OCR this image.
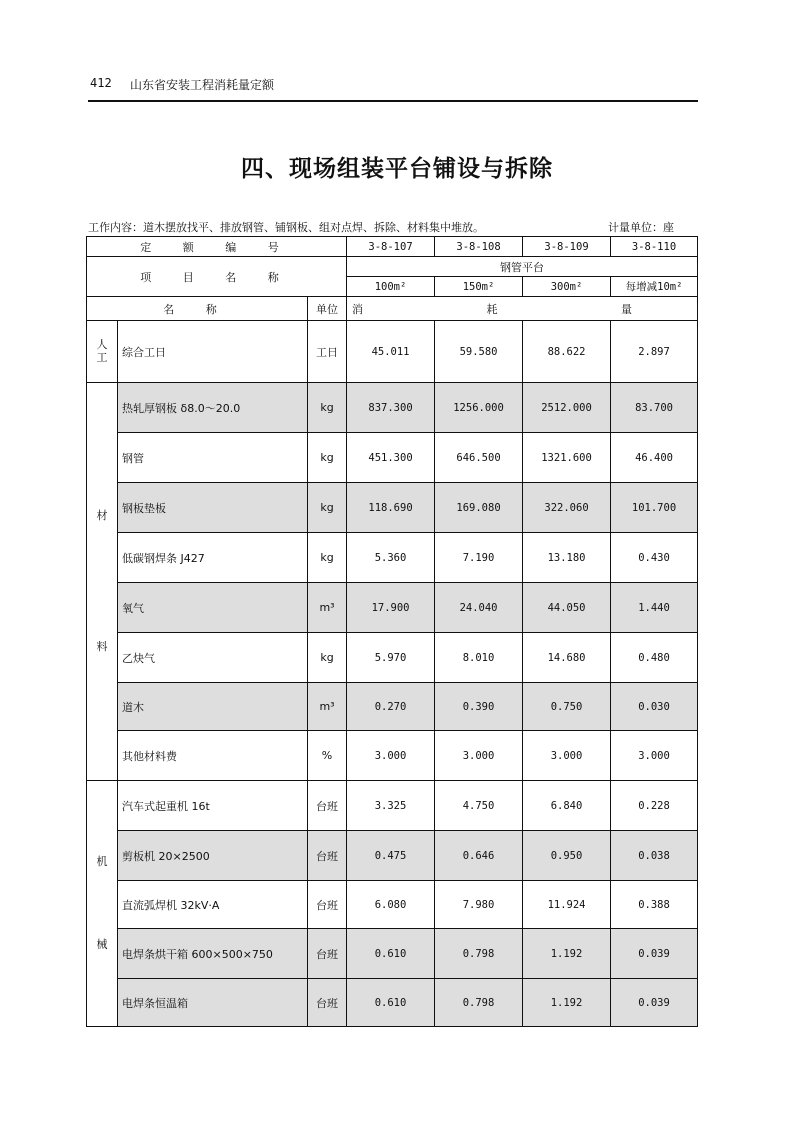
412 山东省安装工程消耗量定额
四、现场组装平台铺设与拆除
工作内容：道木摆放找平、排放钢管、铺钢板、组对点焊、拆除、材料集中堆放。	计量单位：座
定 额 编 号			3-8-107	3-8-108	3-8-109	3-8-110
项 目 名 称			钢管平台			
			100m²	150m²	300m²	每增减10m²
名 称		单位	消 耗 量			
人工	综合工日	工日	45.011	59.580	88.622	2.897

材
料	热轧厚钢板 δ8.0～20.0	kg	837.300	1256.000	2512.000	83.700
	钢管	kg	451.300	646.500	1321.600	46.400
	钢板垫板	kg	118.690	169.080	322.060	101.700
	低碳钢焊条 J427	kg	5.360	7.190	13.180	0.430
	氧气	m³	17.900	24.040	44.050	1.440
	乙炔气	kg	5.970	8.010	14.680	0.480
	道木	m³	0.270	0.390	0.750	0.030
	其他材料费	%	3.000	3.000	3.000	3.000

机
械	汽车式起重机 16t	台班	3.325	4.750	6.840	0.228
	剪板机 20×2500	台班	0.475	0.646	0.950	0.038
	直流弧焊机 32kV·A	台班	6.080	7.980	11.924	0.388
	电焊条烘干箱 600×500×750	台班	0.610	0.798	1.192	0.039
	电焊条恒温箱	台班	0.610	0.798	1.192	0.039
